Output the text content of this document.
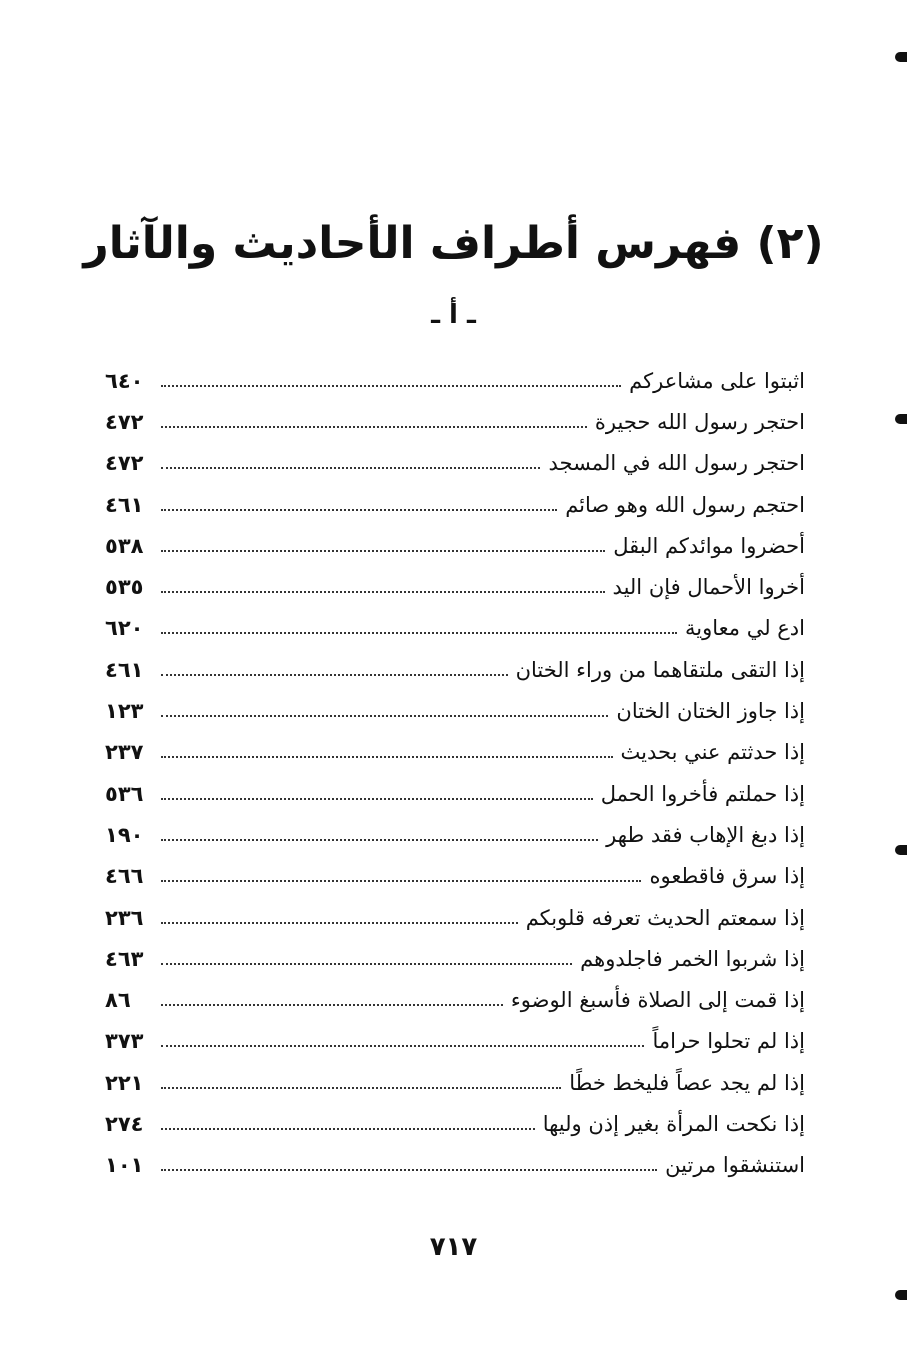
(٢) فهرس أطراف الأحاديث والآثار
ـ أ ـ
اثبتوا على مشاعركم
٦٤٠
احتجر رسول الله حجيرة
٤٧٢
احتجر رسول الله في المسجد
٤٧٢
احتجم رسول الله وهو صائم
٤٦١
أحضروا موائدكم البقل
٥٣٨
أخروا الأحمال فإن اليد
٥٣٥
ادع لي معاوية
٦٢٠
إذا التقى ملتقاهما من وراء الختان
٤٦١
إذا جاوز الختان الختان
١٢٣
إذا حدثتم عني بحديث
٢٣٧
إذا حملتم فأخروا الحمل
٥٣٦
إذا دبغ الإهاب فقد طهر
١٩٠
إذا سرق فاقطعوه
٤٦٦
إذا سمعتم الحديث تعرفه قلوبكم
٢٣٦
إذا شربوا الخمر فاجلدوهم
٤٦٣
إذا قمت إلى الصلاة فأسبغ الوضوء
٨٦
إذا لم تحلوا حراماً
٣٧٣
إذا لم يجد عصاً فليخط خطًا
٢٢١
إذا نكحت المرأة بغير إذن وليها
٢٧٤
استنشقوا مرتين
١٠١
٧١٧
